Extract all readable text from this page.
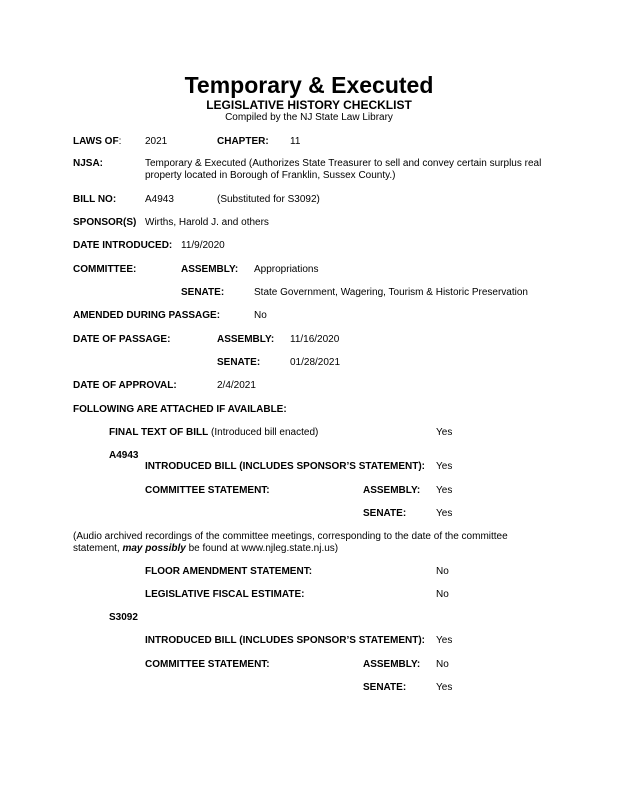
Temporary & Executed
LEGISLATIVE HISTORY CHECKLIST
Compiled by the NJ State Law Library
LAWS OF: 2021	CHAPTER: 11
NJSA:	Temporary & Executed (Authorizes State Treasurer to sell and convey certain surplus real
property located in Borough of Franklin, Sussex County.)
BILL NO:	A4943	(Substituted for S3092)
SPONSOR(S) Wirths, Harold J. and others
DATE INTRODUCED: 11/9/2020
COMMITTEE:	ASSEMBLY: Appropriations
SENATE:	State Government, Wagering, Tourism & Historic Preservation
AMENDED DURING PASSAGE:	No
DATE OF PASSAGE:	ASSEMBLY: 11/16/2020
SENATE:	01/28/2021
DATE OF APPROVAL:	2/4/2021
FOLLOWING ARE ATTACHED IF AVAILABLE:
FINAL TEXT OF BILL (Introduced bill enacted)	Yes
A4943
INTRODUCED BILL (INCLUDES SPONSOR’S STATEMENT): Yes
COMMITTEE STATEMENT:	ASSEMBLY: Yes
SENATE:	Yes
(Audio archived recordings of the committee meetings, corresponding to the date of the committee
statement, may possibly be found at www.njleg.state.nj.us)
FLOOR AMENDMENT STATEMENT:	No
LEGISLATIVE FISCAL ESTIMATE:	No
S3092
INTRODUCED BILL (INCLUDES SPONSOR’S STATEMENT): Yes
COMMITTEE STATEMENT:	ASSEMBLY: No
SENATE:	Yes
